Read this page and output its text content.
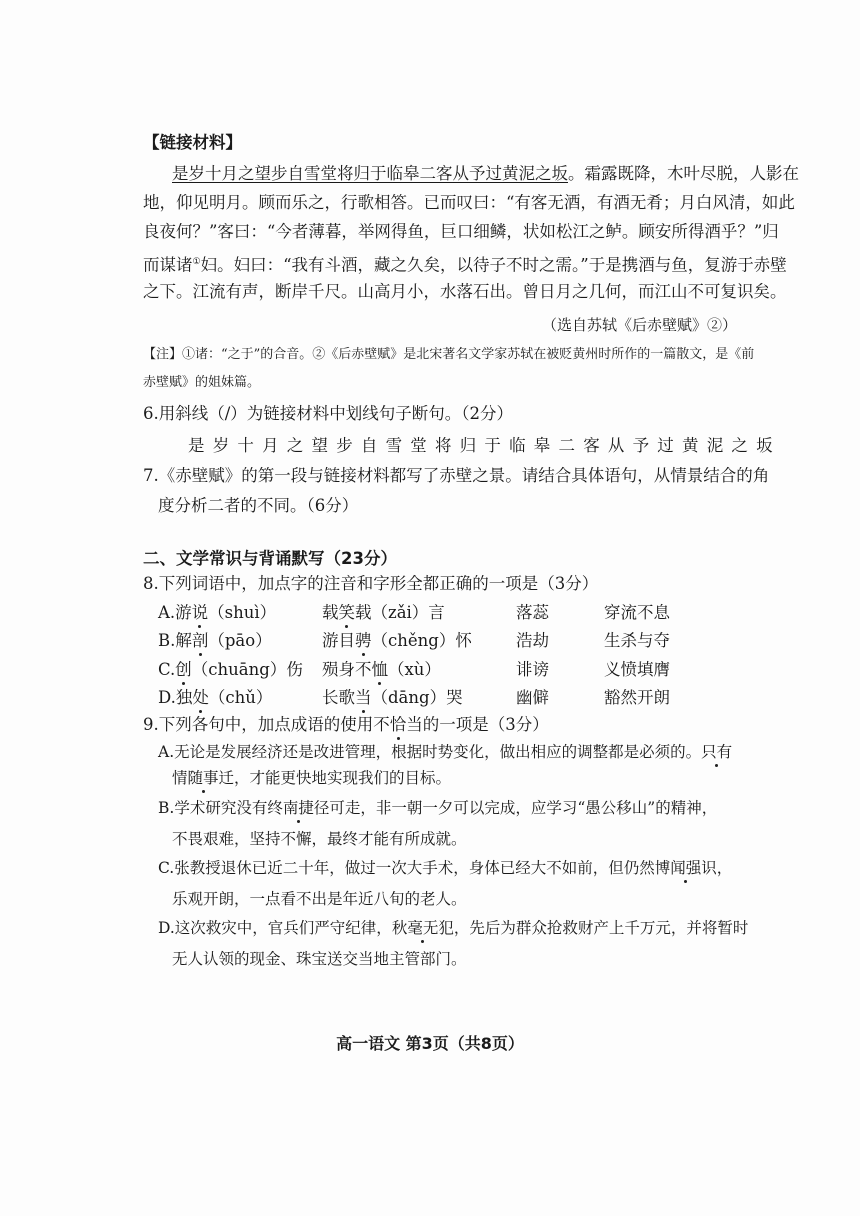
【链接材料】
是岁十月之望步自雪堂将归于临皋二客从予过黄泥之坂。霜露既降，木叶尽脱，人影在
地，仰见明月。顾而乐之，行歌相答。已而叹曰：“有客无酒，有酒无肴；月白风清，如此
良夜何？”客曰：“今者薄暮，举网得鱼，巨口细鳞，状如松江之鲈。顾安所得酒乎？”归
而谋诸①妇。妇曰：“我有斗酒，藏之久矣，以待子不时之需。”于是携酒与鱼，复游于赤壁
之下。江流有声，断岸千尺。山高月小，水落石出。曾日月之几何，而江山不可复识矣。
（选自苏轼《后赤壁赋》②）
【注】①诸：“之于”的合音。②《后赤壁赋》是北宋著名文学家苏轼在被贬黄州时所作的一篇散文，是《前
赤壁赋》的姐妹篇。
6.用斜线（/）为链接材料中划线句子断句。（2分）
是岁十月之望步自雪堂将归于临皋二客从予过黄泥之坂
7.《赤壁赋》的第一段与链接材料都写了赤壁之景。请结合具体语句，从情景结合的角
度分析二者的不同。（6分）
二、文学常识与背诵默写（23分）
8.下列词语中，加点字的注音和字形全都正确的一项是（3分）
A.游说（shuì）	载笑载（zǎi）言	落蕊	穿流不息
B.解剖（pāo）	游目骋（chěng）怀	浩劫	生杀与夺
C.创（chuāng）伤 殒身不恤（xù）	诽谤	义愤填膺
D.独处（chǔ）	长歌当（dāng）哭	幽僻	豁然开朗
9.下列各句中，加点成语的使用不恰当的一项是（3分）
A.无论是发展经济还是改进管理，根据时势变化，做出相应的调整都是必须的。只有
情随事迁，才能更快地实现我们的目标。
B.学术研究没有终南捷径可走，非一朝一夕可以完成，应学习“愚公移山”的精神，
不畏艰难，坚持不懈，最终才能有所成就。
C.张教授退休已近二十年，做过一次大手术，身体已经大不如前，但仍然博闻强识，
乐观开朗，一点看不出是年近八旬的老人。
D.这次救灾中，官兵们严守纪律，秋毫无犯，先后为群众抢救财产上千万元，并将暂时
无人认领的现金、珠宝送交当地主管部门。
高一语文 第3页（共8页）
